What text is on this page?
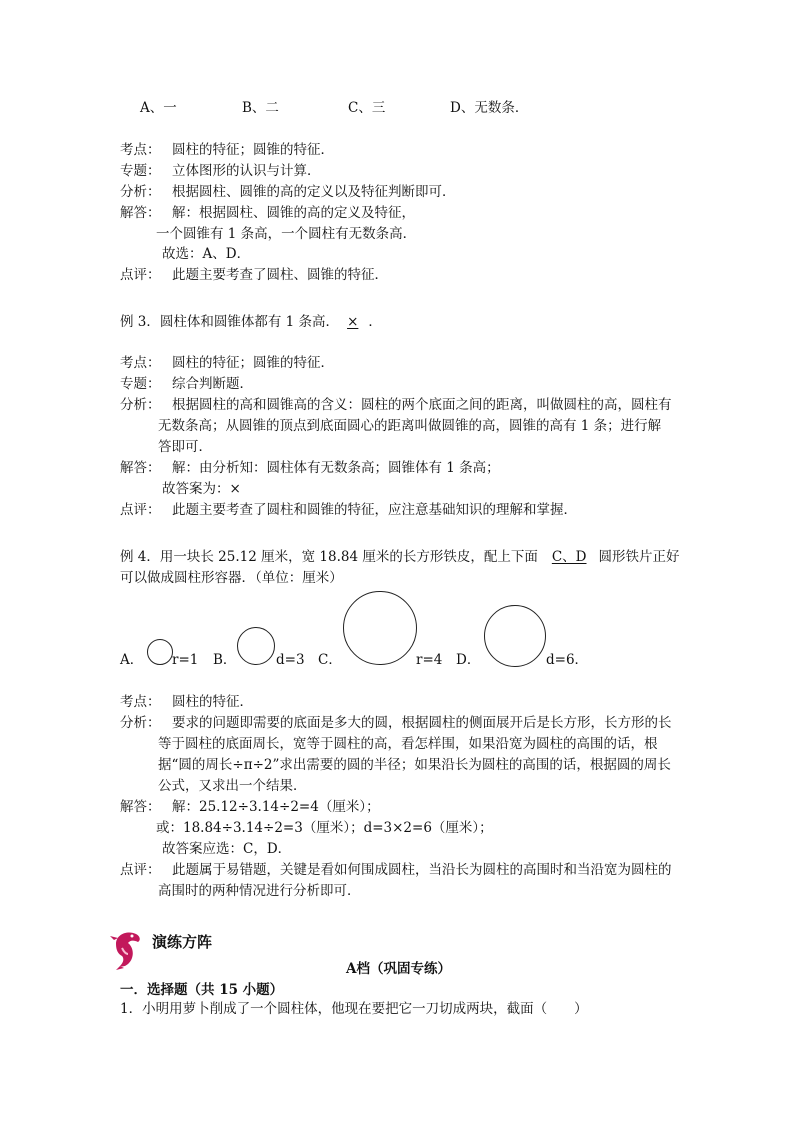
A、一	B、二	C、三	D、无数条．
考点： 圆柱的特征；圆锥的特征．
专题： 立体图形的认识与计算．
分析： 根据圆柱、圆锥的高的定义以及特征判断即可．
解答： 解：根据圆柱、圆锥的高的定义及特征，
一个圆锥有 1 条高，一个圆柱有无数条高．
故选：A、D．
点评： 此题主要考查了圆柱、圆锥的特征．
例 3．圆柱体和圆锥体都有 1 条高． × ．
考点： 圆柱的特征；圆锥的特征．
专题： 综合判断题．
分析： 根据圆柱的高和圆锥高的含义：圆柱的两个底面之间的距离，叫做圆柱的高，圆柱有
无数条高；从圆锥的顶点到底面圆心的距离叫做圆锥的高，圆锥的高有 1 条；进行解
答即可．
解答： 解：由分析知：圆柱体有无数条高；圆锥体有 1 条高；
故答案为：×
点评： 此题主要考查了圆柱和圆锥的特征，应注意基础知识的理解和掌握．
例 4．用一块长 25.12 厘米，宽 18.84 厘米的长方形铁皮，配上下面 C、D 圆形铁片正好
可以做成圆柱形容器．（单位：厘米）
A． r=1 B．	d=3 C．	r=4 D．	d=6．
考点： 圆柱的特征．
分析： 要求的问题即需要的底面是多大的圆，根据圆柱的侧面展开后是长方形，长方形的长
等于圆柱的底面周长，宽等于圆柱的高，看怎样围，如果沿宽为圆柱的高围的话，根
据“圆的周长÷π÷2”求出需要的圆的半径；如果沿长为圆柱的高围的话，根据圆的周长
公式，又求出一个结果．
解答： 解：25.12÷3.14÷2=4（厘米）；
或：18.84÷3.14÷2=3（厘米）；d=3×2=6（厘米）；
故答案应选：C，D．
点评： 此题属于易错题，关键是看如何围成圆柱，当沿长为圆柱的高围时和当沿宽为圆柱的
高围时的两种情况进行分析即可．
演练方阵
A档（巩固专练）
一．选择题（共 15 小题）
1．小明用萝卜削成了一个圆柱体，他现在要把它一刀切成两块，截面（　　）
